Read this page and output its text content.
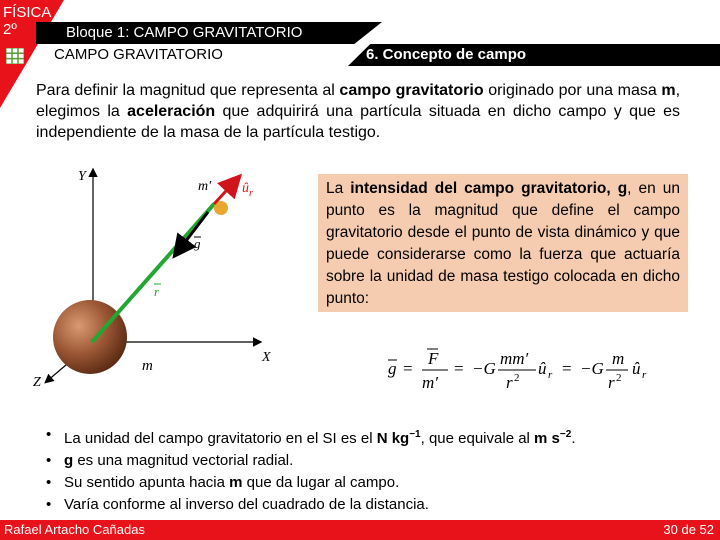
FÍSICA
2º	Bloque 1: CAMPO GRAVITATORIO
CAMPO GRAVITATORIO	6. Concepto de campo
Para definir la magnitud que representa al campo gravitatorio originado por una masa m, elegimos la aceleración que adquirirá una partícula situada en dicho campo y que es independiente de la masa de la partícula testigo.
Y
X
Z
m
r
m′ $û_r$
g
La intensidad del campo gravitatorio, g, en un punto es la magnitud que define el campo gravitatorio desde el punto de vista dinámico y que puede considerarse como la fuerza que actuaría sobre la unidad de masa testigo colocada en dicho punto:
g =
F
m′
= −G
mm′
r 2 û r = −G
m
r 2 û r
• La unidad del campo gravitatorio en el SI es el N $kg^{-1}$, que equivale al m $s^{-2}$.
• g es una magnitud vectorial radial.
• Su sentido apunta hacia m que da lugar al campo.
• Varía conforme al inverso del cuadrado de la distancia.
Rafael Artacho Cañadas	30 de 52
